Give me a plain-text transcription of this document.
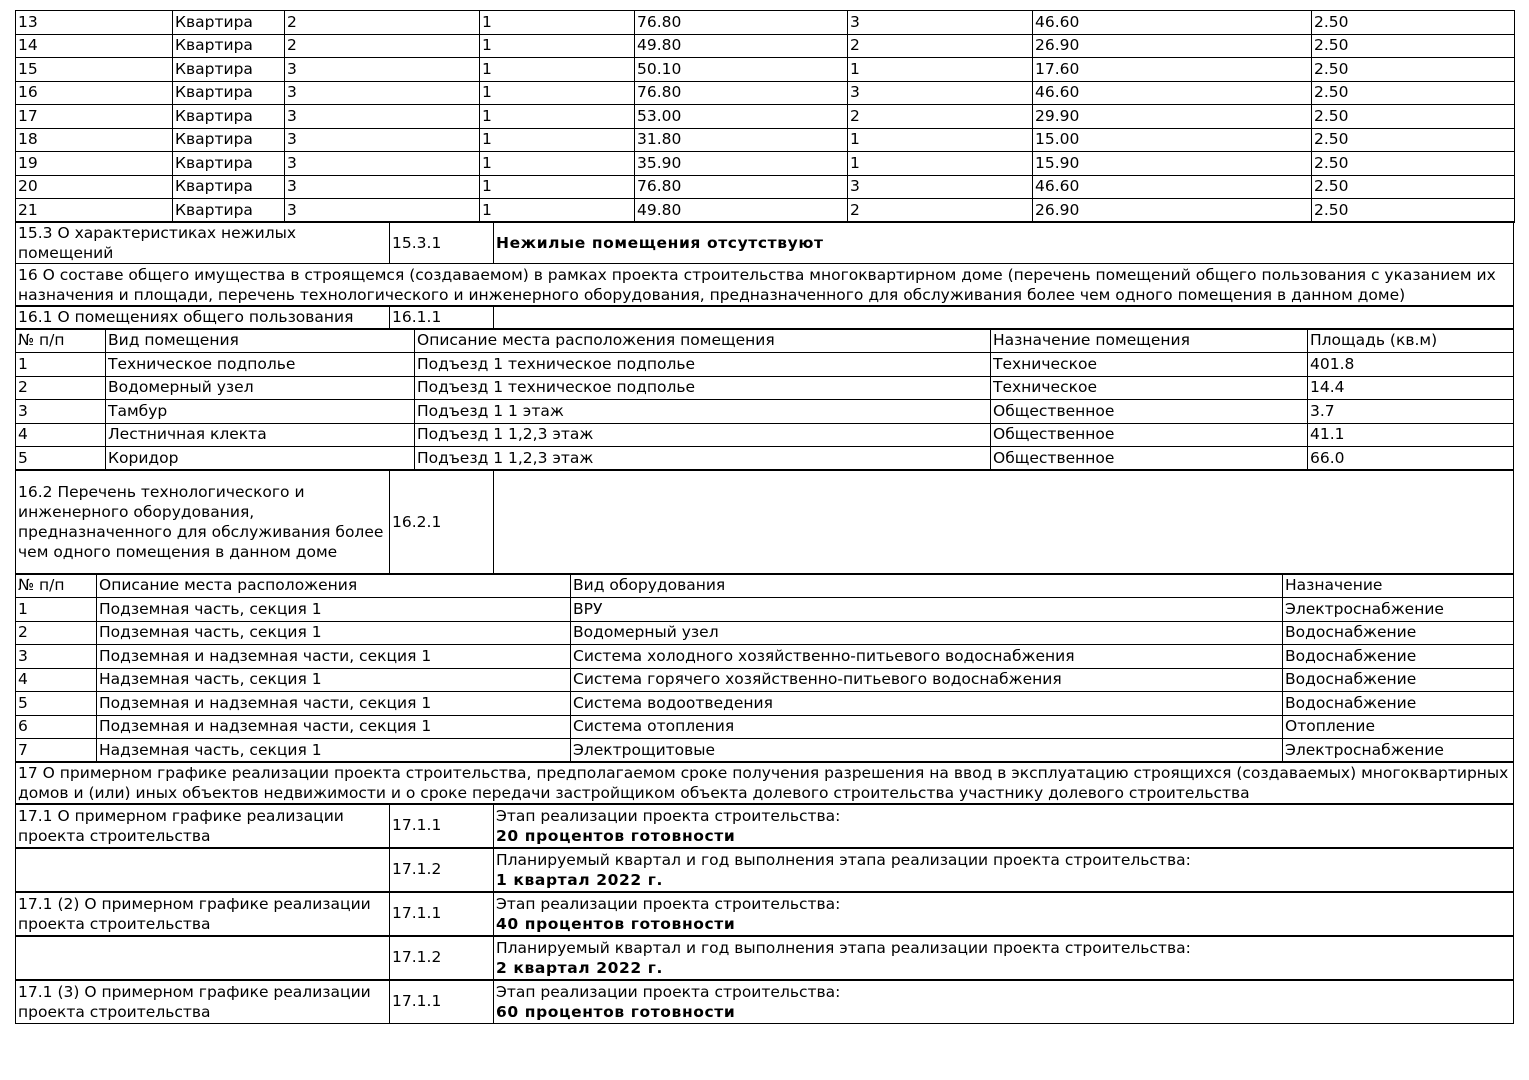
13	Квартира	2	1	76.80	3	46.60	2.50
14	Квартира	2	1	49.80	2	26.90	2.50
15	Квартира	3	1	50.10	1	17.60	2.50
16	Квартира	3	1	76.80	3	46.60	2.50
17	Квартира	3	1	53.00	2	29.90	2.50
18	Квартира	3	1	31.80	1	15.00	2.50
19	Квартира	3	1	35.90	1	15.90	2.50
20	Квартира	3	1	76.80	3	46.60	2.50
21	Квартира	3	1	49.80	2	26.90	2.50
15.3 О характеристиках нежилых помещений	15.3.1	Нежилые помещения отсутствуют
16 О составе общего имущества в строящемся (создаваемом) в рамках проекта строительства многоквартирном доме (перечень помещений общего пользования с указанием их назначения и площади, перечень технологического и инженерного оборудования, предназначенного для обслуживания более чем одного помещения в данном доме)
16.1 О помещениях общего пользования	16.1.1	
№ п/п	Вид помещения	Описание места расположения помещения	Назначение помещения	Площадь (кв.м)
1	Техническое подполье	Подъезд 1 техническое подполье	Техническое	401.8
2	Водомерный узел	Подъезд 1 техническое подполье	Техническое	14.4
3	Тамбур	Подъезд 1 1 этаж	Общественное	3.7
4	Лестничная клекта	Подъезд 1 1,2,3 этаж	Общественное	41.1
5	Коридор	Подъезд 1 1,2,3 этаж	Общественное	66.0
16.2 Перечень технологического и инженерного оборудования, предназначенного для обслуживания более чем одного помещения в данном доме	16.2.1	
№ п/п	Описание места расположения	Вид оборудования	Назначение
1	Подземная часть, секция 1	ВРУ	Электроснабжение
2	Подземная часть, секция 1	Водомерный узел	Водоснабжение
3	Подземная и надземная части, секция 1	Система холодного хозяйственно-питьевого водоснабжения	Водоснабжение
4	Надземная часть, секция 1	Система горячего хозяйственно-питьевого водоснабжения	Водоснабжение
5	Подземная и надземная части, секция 1	Система водоотведения	Водоснабжение
6	Подземная и надземная части, секция 1	Система отопления	Отопление
7	Надземная часть, секция 1	Электрощитовые	Электроснабжение
17 О примерном графике реализации проекта строительства, предполагаемом сроке получения разрешения на ввод в эксплуатацию строящихся (создаваемых) многоквартирных домов и (или) иных объектов недвижимости и о сроке передачи застройщиком объекта долевого строительства участнику долевого строительства
17.1 О примерном графике реализации проекта строительства	17.1.1	Этап реализации проекта строительства:
20 процентов готовности

	17.1.2	Планируемый квартал и год выполнения этапа реализации проекта строительства:
1 квартал 2022 г.

17.1 (2) О примерном графике реализации проекта строительства	17.1.1	Этап реализации проекта строительства:
40 процентов готовности

	17.1.2	Планируемый квартал и год выполнения этапа реализации проекта строительства:
2 квартал 2022 г.

17.1 (3) О примерном графике реализации проекта строительства	17.1.1	Этап реализации проекта строительства:
60 процентов готовности
